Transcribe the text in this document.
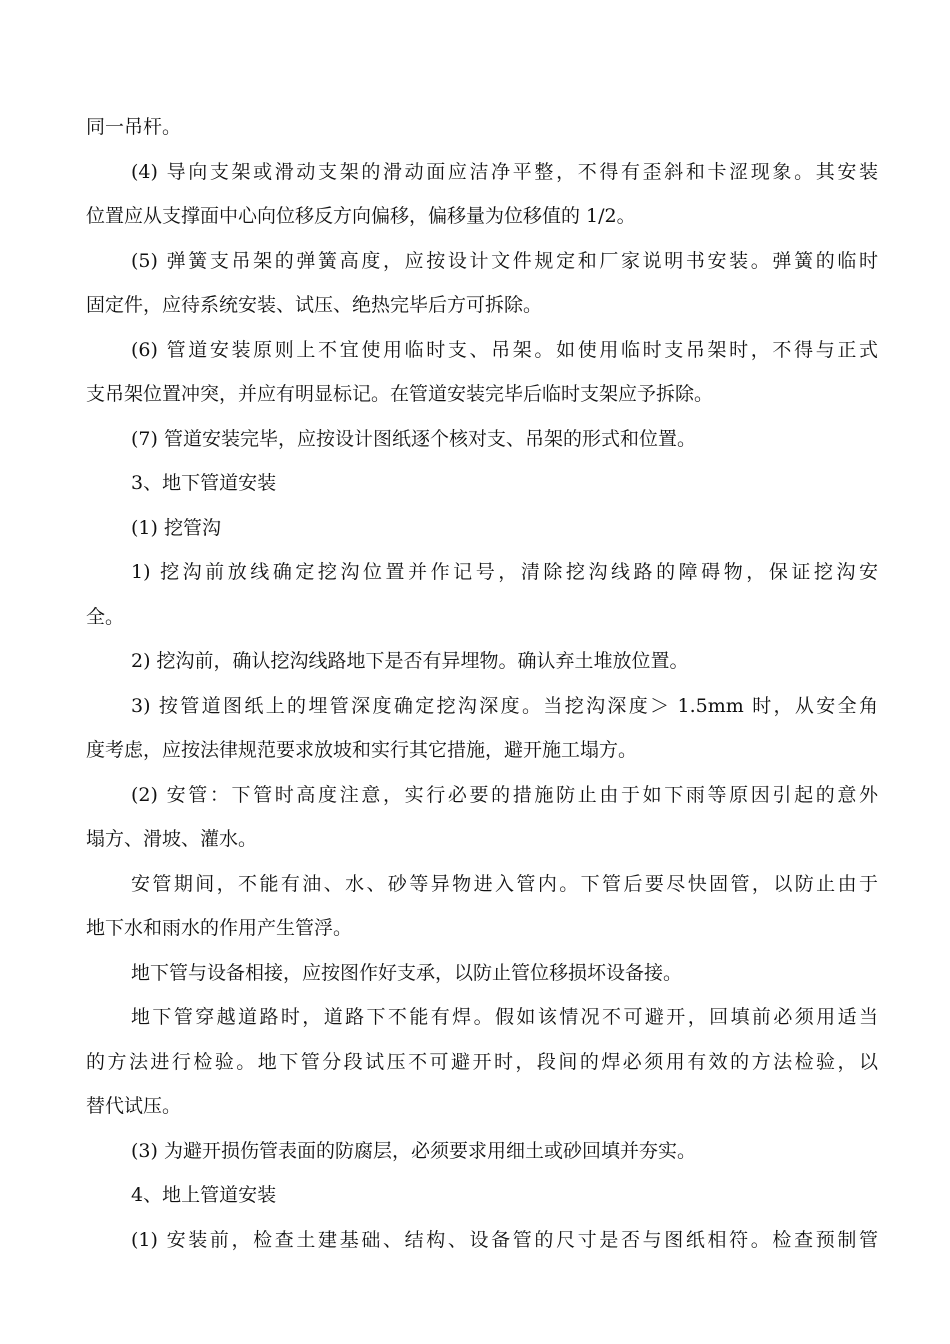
同一吊杆。
(4) 导向支架或滑动支架的滑动面应洁净平整，不得有歪斜和卡涩现象。其安装
位置应从支撑面中心向位移反方向偏移，偏移量为位移值的 1/2。
(5) 弹簧支吊架的弹簧高度，应按设计文件规定和厂家说明书安装。弹簧的临时
固定件，应待系统安装、试压、绝热完毕后方可拆除。
(6) 管道安装原则上不宜使用临时支、吊架。如使用临时支吊架时，不得与正式
支吊架位置冲突，并应有明显标记。在管道安装完毕后临时支架应予拆除。
(7) 管道安装完毕，应按设计图纸逐个核对支、吊架的形式和位置。
3、地下管道安装
(1) 挖管沟
1) 挖沟前放线确定挖沟位置并作记号，清除挖沟线路的障碍物，保证挖沟安
全。
2) 挖沟前，确认挖沟线路地下是否有异埋物。确认弃土堆放位置。
3) 按管道图纸上的埋管深度确定挖沟深度。当挖沟深度＞ 1.5mm 时，从安全角
度考虑，应按法律规范要求放坡和实行其它措施，避开施工塌方。
(2) 安管：下管时高度注意，实行必要的措施防止由于如下雨等原因引起的意外
塌方、滑坡、灌水。
安管期间，不能有油、水、砂等异物进入管内。下管后要尽快固管，以防止由于
地下水和雨水的作用产生管浮。
地下管与设备相接，应按图作好支承，以防止管位移损坏设备接。
地下管穿越道路时，道路下不能有焊。假如该情况不可避开，回填前必须用适当
的方法进行检验。地下管分段试压不可避开时，段间的焊必须用有效的方法检验，以
替代试压。
(3) 为避开损伤管表面的防腐层，必须要求用细土或砂回填并夯实。
4、地上管道安装
(1) 安装前，检查土建基础、结构、设备管的尺寸是否与图纸相符。检查预制管
